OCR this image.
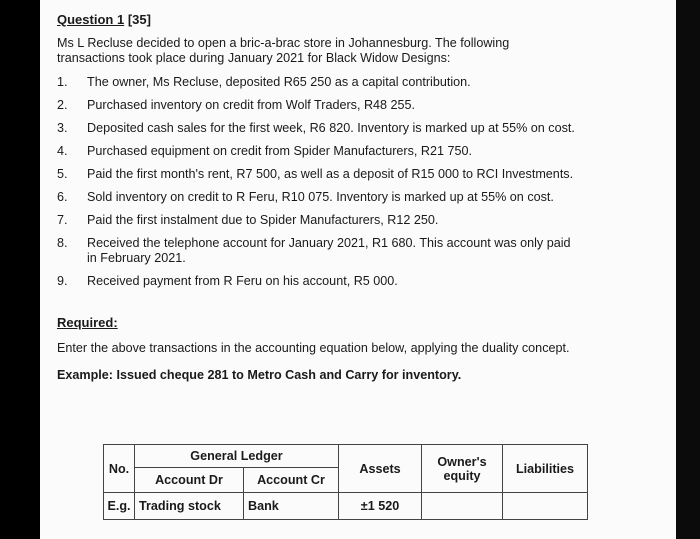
Question 1 [35]
Ms L Recluse decided to open a bric-a-brac store in Johannesburg. The following transactions took place during January 2021 for Black Widow Designs:
1. The owner, Ms Recluse, deposited R65 250 as a capital contribution.
2. Purchased inventory on credit from Wolf Traders, R48 255.
3. Deposited cash sales for the first week, R6 820. Inventory is marked up at 55% on cost.
4. Purchased equipment on credit from Spider Manufacturers, R21 750.
5. Paid the first month's rent, R7 500, as well as a deposit of R15 000 to RCI Investments.
6. Sold inventory on credit to R Feru, R10 075. Inventory is marked up at 55% on cost.
7. Paid the first instalment due to Spider Manufacturers, R12 250.
8. Received the telephone account for January 2021, R1 680. This account was only paid in February 2021.
9. Received payment from R Feru on his account, R5 000.
Required:
Enter the above transactions in the accounting equation below, applying the duality concept.
Example: Issued cheque 281 to Metro Cash and Carry for inventory.
No.	General Ledger		Assets	Owner's equity	Liabilities
	Account Dr	Account Cr			
E.g.	Trading stock	Bank	±1 520		
